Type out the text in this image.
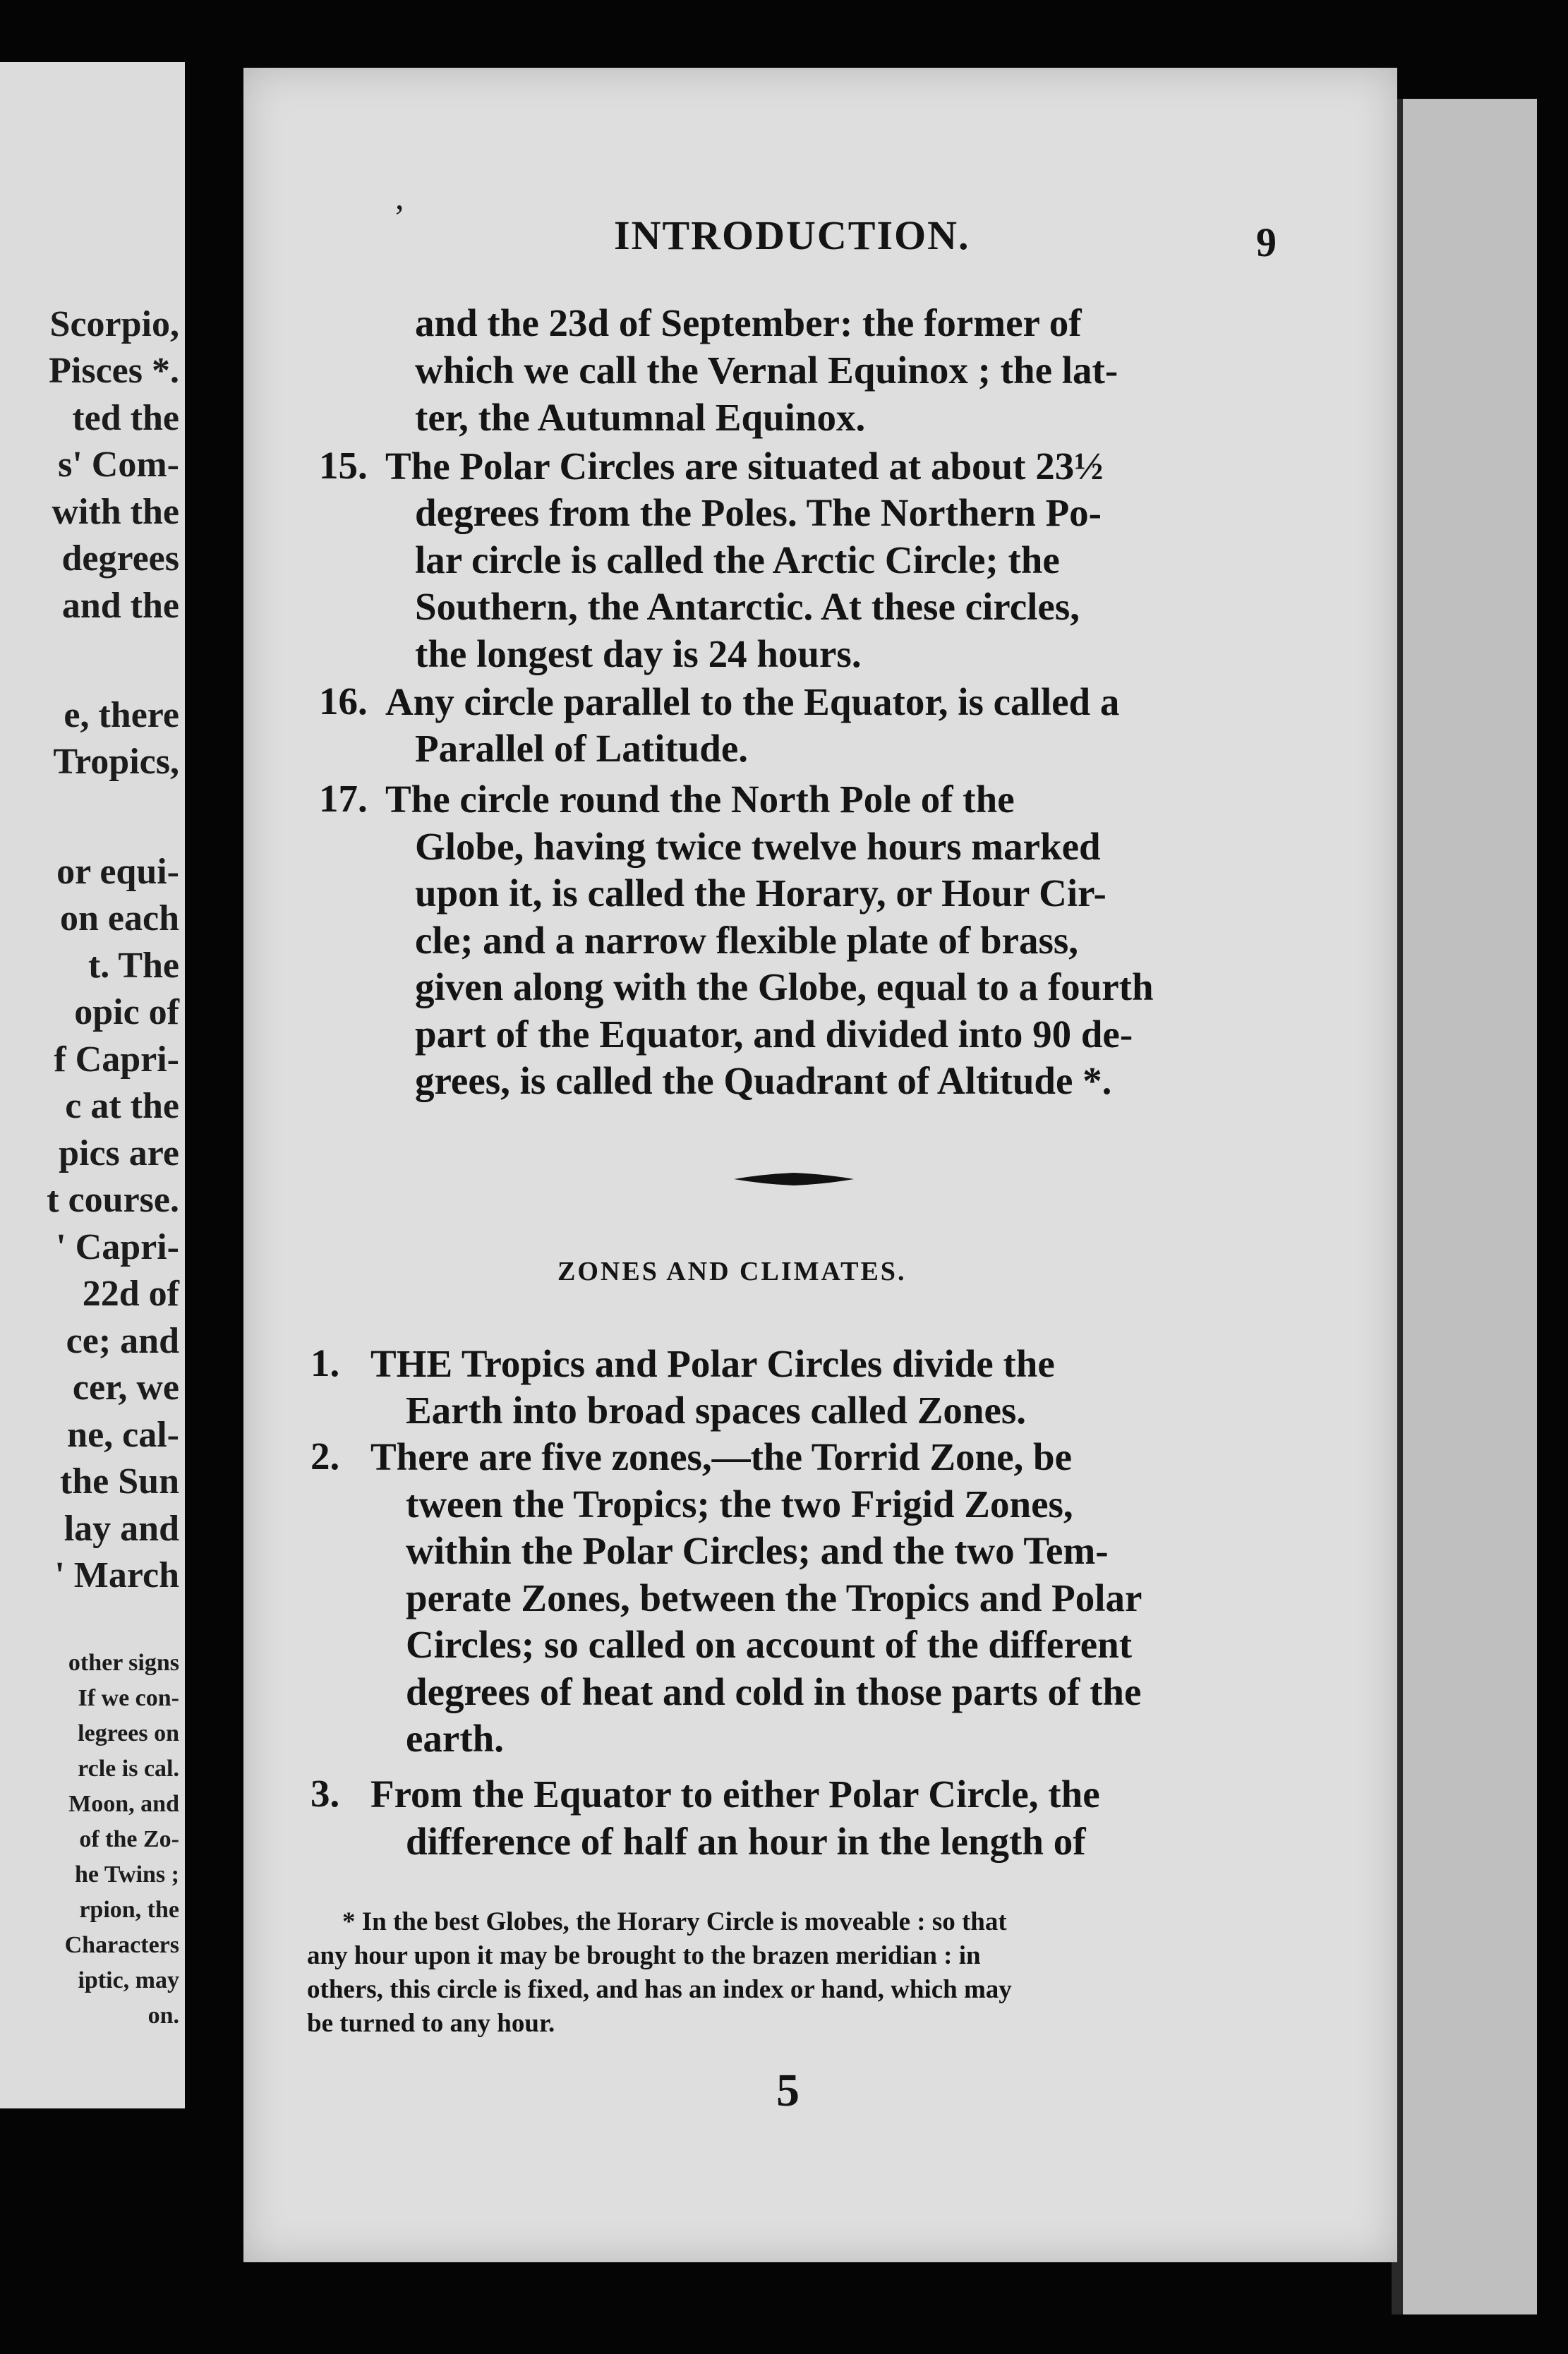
Scorpio,
Pisces *.
ted the
s' Com-
with the
degrees
and the
e, there
Tropics,
or equi-
on each
t. The
opic of
f Capri-
c at the
pics are
t course.
' Capri-
22d of
ce; and
cer, we
ne, cal-
the Sun
lay and
' March
other signs
If we con-
legrees on
rcle is cal.
Moon, and
of the Zo-
he Twins ;
rpion, the
Characters
iptic, may
on.
,
INTRODUCTION.	9
and the 23d of September: the former of
which we call the Vernal Equinox ; the lat-
ter, the Autumnal Equinox.
15. The Polar Circles are situated at about 23½
degrees from the Poles. The Northern Po-
lar circle is called the Arctic Circle; the
Southern, the Antarctic. At these circles,
the longest day is 24 hours.
16. Any circle parallel to the Equator, is called a
Parallel of Latitude.
17. The circle round the North Pole of the
Globe, having twice twelve hours marked
upon it, is called the Horary, or Hour Cir-
cle; and a narrow flexible plate of brass,
given along with the Globe, equal to a fourth
part of the Equator, and divided into 90 de-
grees, is called the Quadrant of Altitude *.
ZONES AND CLIMATES.
1. THE Tropics and Polar Circles divide the
Earth into broad spaces called Zones.
2. There are five zones,—the Torrid Zone, be
tween the Tropics; the two Frigid Zones,
within the Polar Circles; and the two Tem-
perate Zones, between the Tropics and Polar
Circles; so called on account of the different
degrees of heat and cold in those parts of the
earth.
3. From the Equator to either Polar Circle, the
difference of half an hour in the length of
* In the best Globes, the Horary Circle is moveable : so that
any hour upon it may be brought to the brazen meridian : in
others, this circle is fixed, and has an index or hand, which may
be turned to any hour.
5
